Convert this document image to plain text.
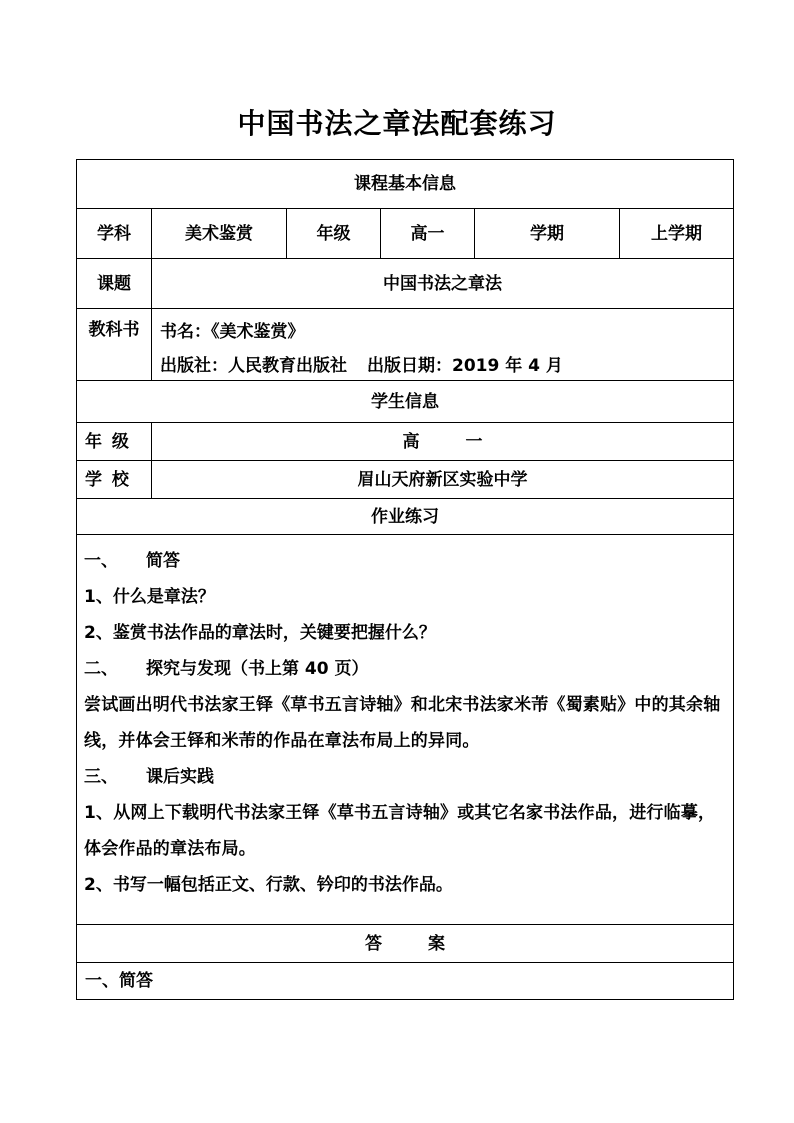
中国书法之章法配套练习
课程基本信息
学科	美术鉴赏	年级	高一	学期	上学期
课题	中国书法之章法
教科书	书名：《美术鉴赏》
出版社：人民教育出版社 出版日期：2019 年 4 月
学生信息
年 级	高 一
学 校	眉山天府新区实验中学
作业练习
一、 简答
1、什么是章法？
2、鉴赏书法作品的章法时，关键要把握什么？
二、 探究与发现（书上第 40 页）
尝试画出明代书法家王铎《草书五言诗轴》和北宋书法家米芾《蜀素贴》中的其余轴线，并体会王铎和米芾的作品在章法布局上的异同。
三、 课后实践
1、从网上下载明代书法家王铎《草书五言诗轴》或其它名家书法作品，进行临摹，体会作品的章法布局。
2、书写一幅包括正文、行款、钤印的书法作品。
答 案
一、简答
